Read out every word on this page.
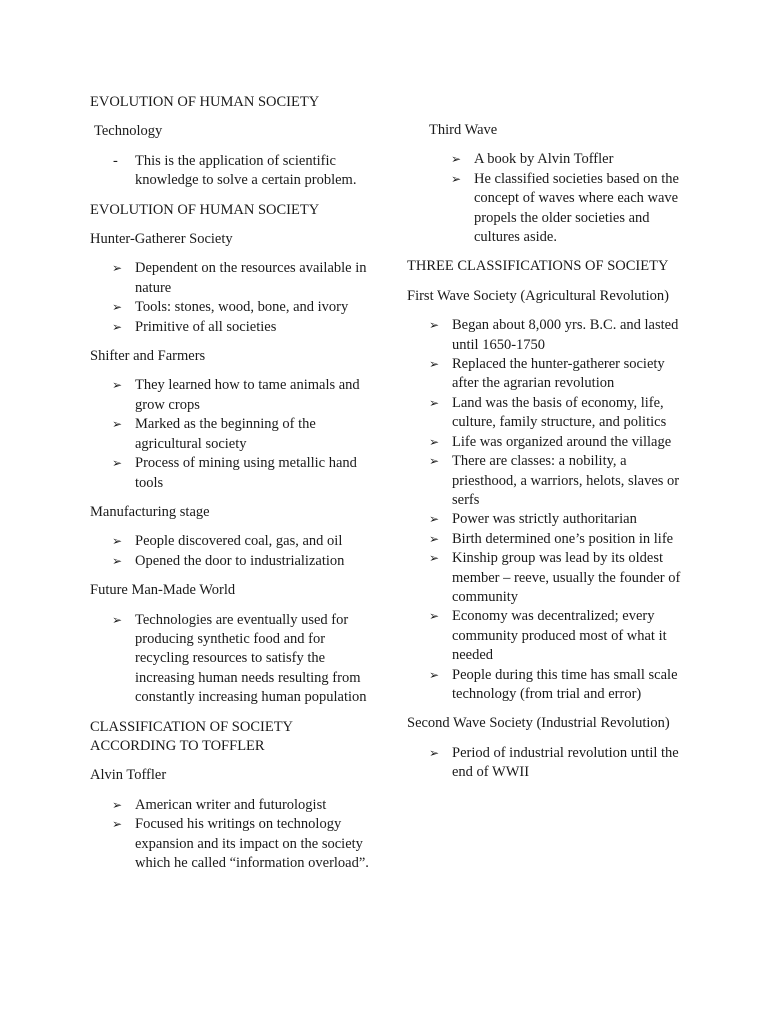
EVOLUTION OF HUMAN SOCIETY

Technology

- This is the application of scientific knowledge to solve a certain problem.

EVOLUTION OF HUMAN SOCIETY

Hunter-Gatherer Society

➢ Dependent on the resources available in nature
➢ Tools: stones, wood, bone, and ivory
➢ Primitive of all societies

Shifter and Farmers

➢ They learned how to tame animals and grow crops
➢ Marked as the beginning of the agricultural society
➢ Process of mining using metallic hand tools

Manufacturing stage

➢ People discovered coal, gas, and oil
➢ Opened the door to industrialization

Future Man-Made World

➢ Technologies are eventually used for producing synthetic food and for recycling resources to satisfy the increasing human needs resulting from constantly increasing human population

CLASSIFICATION OF SOCIETY ACCORDING TO TOFFLER

Alvin Toffler

➢ American writer and futurologist
➢ Focused his writings on technology expansion and its impact on the society which he called “information overload”.

Third Wave

➢ A book by Alvin Toffler
➢ He classified societies based on the concept of waves where each wave propels the older societies and cultures aside.

THREE CLASSIFICATIONS OF SOCIETY

First Wave Society (Agricultural Revolution)

➢ Began about 8,000 yrs. B.C. and lasted until 1650-1750
➢ Replaced the hunter-gatherer society after the agrarian revolution
➢ Land was the basis of economy, life, culture, family structure, and politics
➢ Life was organized around the village
➢ There are classes: a nobility, a priesthood, a warriors, helots, slaves or serfs
➢ Power was strictly authoritarian
➢ Birth determined one’s position in life
➢ Kinship group was lead by its oldest member – reeve, usually the founder of community
➢ Economy was decentralized; every community produced most of what it needed
➢ People during this time has small scale technology (from trial and error)

Second Wave Society (Industrial Revolution)

➢ Period of industrial revolution until the end of WWII
